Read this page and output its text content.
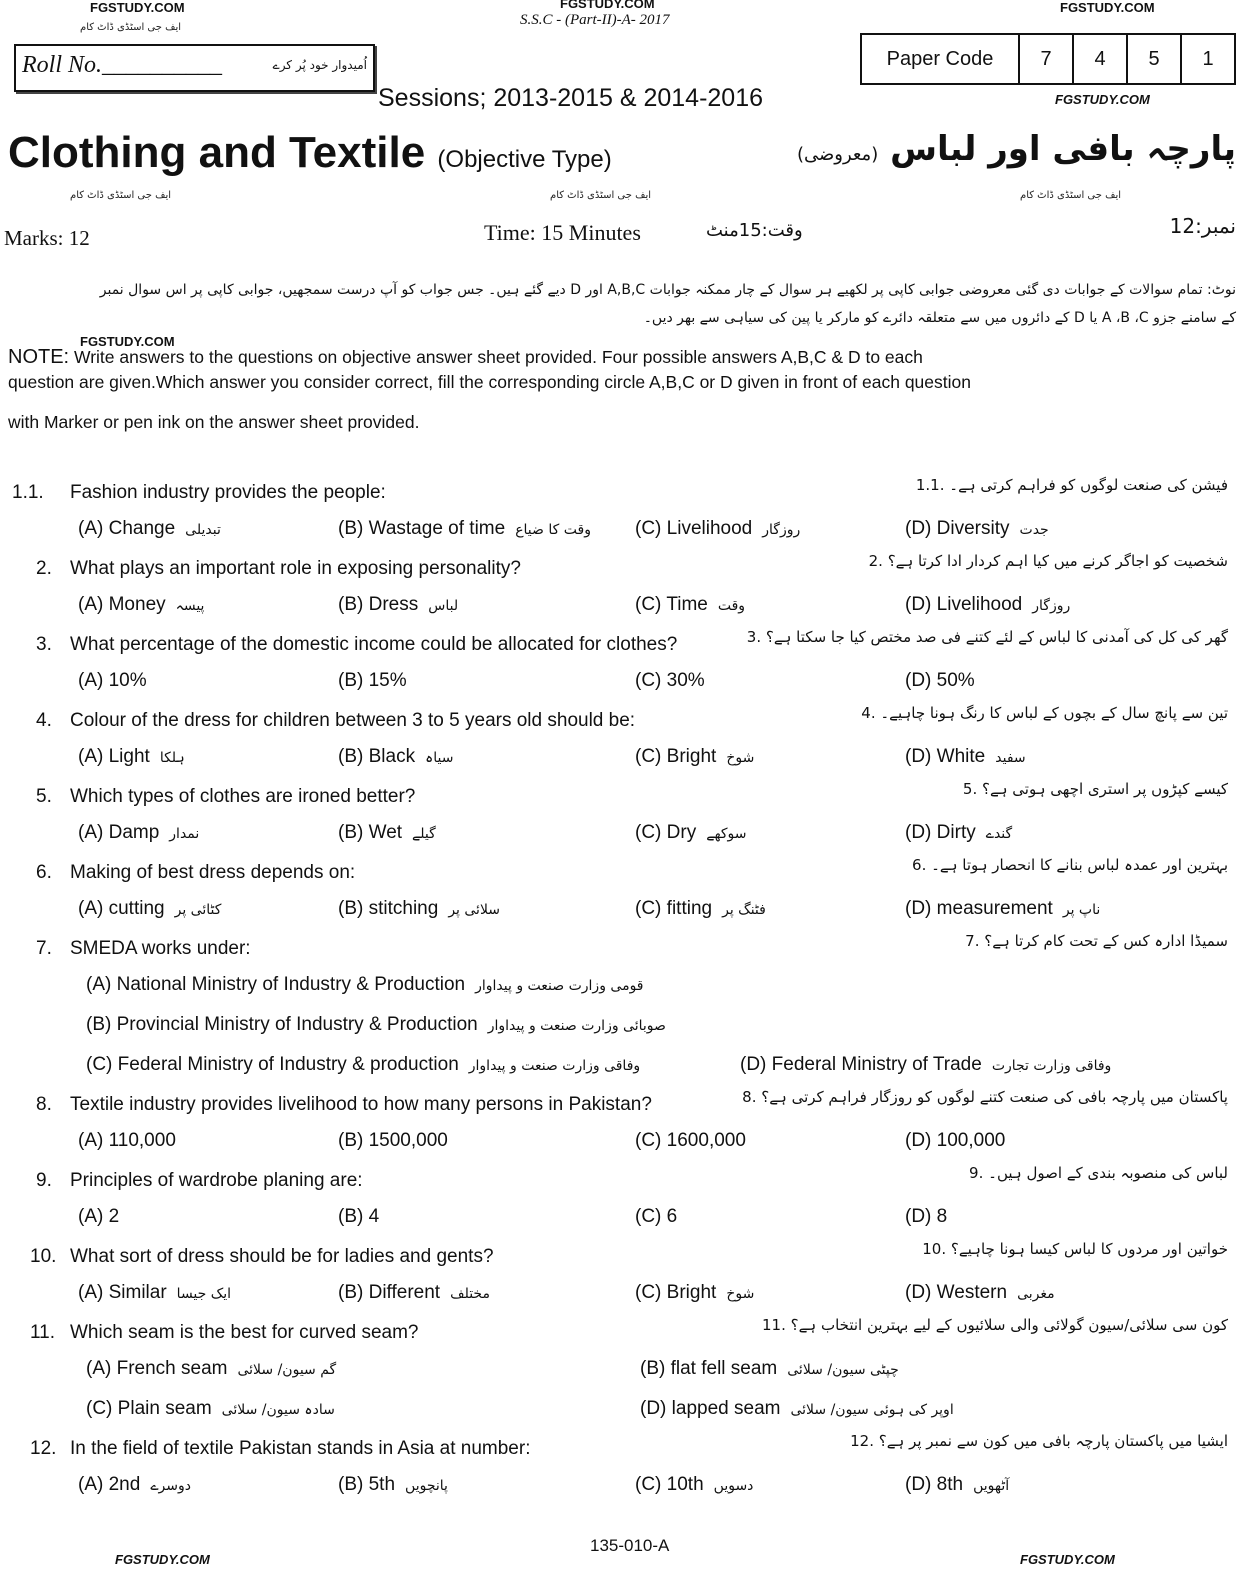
FGSTUDY.COM	FGSTUDY.COM	FGSTUDY.COM
ایف جی اسٹڈی ڈاٹ کام	S.S.C - (Part-II)-A- 2017
Roll No.__________	اُمیدوار خود پُر کرے	Paper Code	7	4	5	1
Sessions; 2013-2015 & 2014-2016	FGSTUDY.COM
Clothing and Textile (Objective Type)	پارچہ بافی اور لباس (معروضی)
ایف جی اسٹڈی ڈاٹ کام	ایف جی اسٹڈی ڈاٹ کام	ایف جی اسٹڈی ڈاٹ کام
Marks: 12	Time: 15 Minutes	وقت:15منٹ	نمبر:12
نوٹ: تمام سوالات کے جوابات دی گئی معروضی جوابی کاپی پر لکھیے ہر سوال کے چار ممکنہ جوابات A,B,C اور D دیے گئے ہیں۔ جس جواب کو آپ درست سمجھیں، جوابی کاپی پر اس سوال نمبر
کے سامنے جزو A ،B ،C یا D کے دائروں میں سے متعلقہ دائرے کو مارکر یا پین کی سیاہی سے بھر دیں۔
FGSTUDY.COM
NOTE: Write answers to the questions on objective answer sheet provided. Four possible answers A,B,C & D to each
question are given.Which answer you consider correct, fill the corresponding circle A,B,C or D given in front of each question
with Marker or pen ink on the answer sheet provided.
1.1. Fashion industry provides the people:	فیشن کی صنعت لوگوں کو فراہم کرتی ہے۔ .1.1
(A) Change تبدیلی	(B) Wastage of time وقت کا ضیاع (C) Livelihood روزگار	(D) Diversity جدت
2. What plays an important role in exposing personality?	شخصیت کو اجاگر کرنے میں کیا اہم کردار ادا کرتا ہے؟ .2
(A) Money پیسہ	(B) Dress لباس	(C) Time وقت	(D) Livelihood روزگار
3. What percentage of the domestic income could be allocated for clothes?	گھر کی کل کی آمدنی کا لباس کے لئے کتنے فی صد مختص کیا جا سکتا ہے؟ .3
(A) 10%	(B) 15%	(C) 30%	(D) 50%
4. Colour of the dress for children between 3 to 5 years old should be:	تین سے پانچ سال کے بچوں کے لباس کا رنگ ہونا چاہیے۔ .4
(A) Light ہلکا	(B) Black سیاہ	(C) Bright شوخ	(D) White سفید
5. Which types of clothes are ironed better?	کیسے کپڑوں پر استری اچھی ہوتی ہے؟ .5
(A) Damp نمدار	(B) Wet گیلے	(C) Dry سوکھے	(D) Dirty گندے
6. Making of best dress depends on:	بہترین اور عمدہ لباس بنانے کا انحصار ہوتا ہے۔ .6
(A) cutting کٹائی پر	(B) stitching سلائی پر	(C) fitting فٹنگ پر	(D) measurement ناپ پر
7. SMEDA works under:	سمیڈا ادارہ کس کے تحت کام کرتا ہے؟ .7
(A) National Ministry of Industry & Production قومی وزارت صنعت و پیداوار
(B) Provincial Ministry of Industry & Production صوبائی وزارت صنعت و پیداوار
(C) Federal Ministry of Industry & production وفاقی وزارت صنعت و پیداوار	(D) Federal Ministry of Trade وفاقی وزارت تجارت
8. Textile industry provides livelihood to how many persons in Pakistan?	پاکستان میں پارچہ بافی کی صنعت کتنے لوگوں کو روزگار فراہم کرتی ہے؟ .8
(A) 110,000	(B) 1500,000	(C) 1600,000	(D) 100,000
9. Principles of wardrobe planing are:	لباس کی منصوبہ بندی کے اصول ہیں۔ .9
(A) 2	(B) 4	(C) 6	(D) 8
10. What sort of dress should be for ladies and gents?	خواتین اور مردوں کا لباس کیسا ہونا چاہیے؟ .10
(A) Similar ایک جیسا	(B) Different مختلف	(C) Bright شوخ	(D) Western مغربی
11. Which seam is the best for curved seam?	کون سی سلائی/سیون گولائی والی سلائیوں کے لیے بہترین انتخاب ہے؟ .11
(A) French seam گم سیون/ سلائی	(B) flat fell seam چپٹی سیون/ سلائی
(C) Plain seam سادہ سیون/ سلائی	(D) lapped seam اوپر کی ہوئی سیون/ سلائی
12. In the field of textile Pakistan stands in Asia at number:	ایشیا میں پاکستان پارچہ بافی میں کون سے نمبر پر ہے؟ .12
(A) 2nd دوسرے	(B) 5th پانچویں	(C) 10th دسویں	(D) 8th آٹھویں
135-010-A
FGSTUDY.COM	FGSTUDY.COM
